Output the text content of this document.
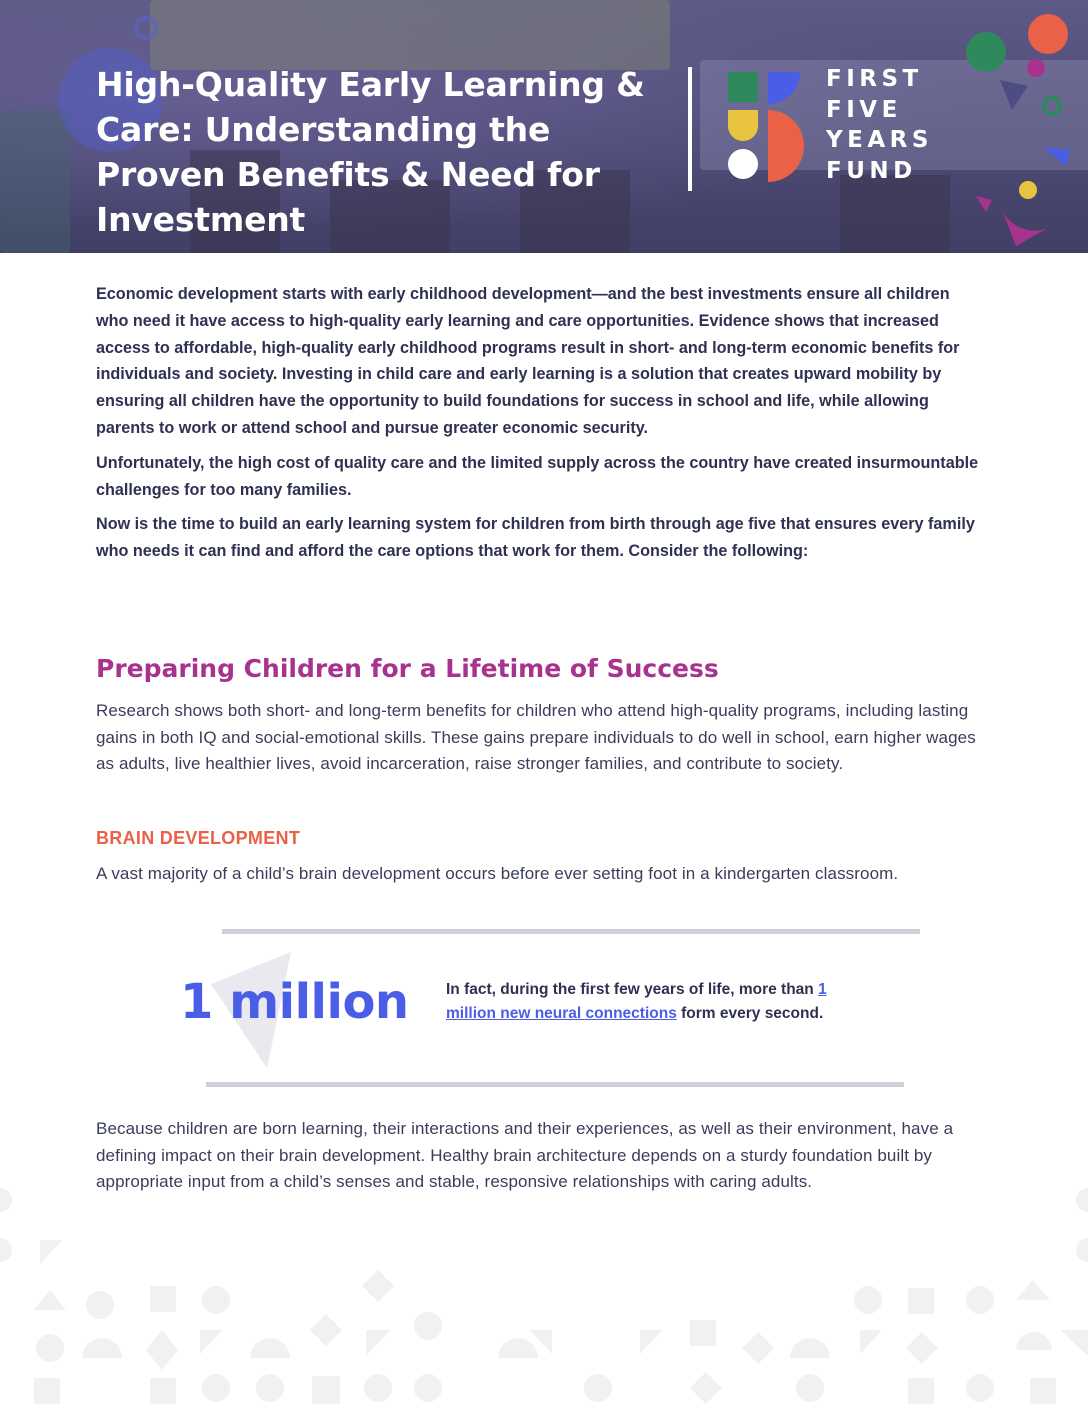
High-Quality Early Learning & Care: Understanding the Proven Benefits & Need for Investment
FIRST
FIVE
YEARS
FUND

Economic development starts with early childhood development—and the best investments ensure all children who need it have access to high-quality early learning and care opportunities. Evidence shows that increased access to affordable, high-quality early childhood programs result in short- and long-term economic benefits for individuals and society. Investing in child care and early learning is a solution that creates upward mobility by ensuring all children have the opportunity to build foundations for success in school and life, while allowing parents to work or attend school and pursue greater economic security.

Unfortunately, the high cost of quality care and the limited supply across the country have created insurmountable challenges for too many families.

Now is the time to build an early learning system for children from birth through age five that ensures every family who needs it can find and afford the care options that work for them. Consider the following:

Preparing Children for a Lifetime of Success

Research shows both short- and long-term benefits for children who attend high-quality programs, including lasting gains in both IQ and social-emotional skills. These gains prepare individuals to do well in school, earn higher wages as adults, live healthier lives, avoid incarceration, raise stronger families, and contribute to society.

BRAIN DEVELOPMENT

A vast majority of a child’s brain development occurs before ever setting foot in a kindergarten classroom.

1 million In fact, during the first few years of life, more than 1 million new neural connections form every second.

Because children are born learning, their interactions and their experiences, as well as their environment, have a defining impact on their brain development. Healthy brain architecture depends on a sturdy foundation built by appropriate input from a child’s senses and stable, responsive relationships with caring adults.
